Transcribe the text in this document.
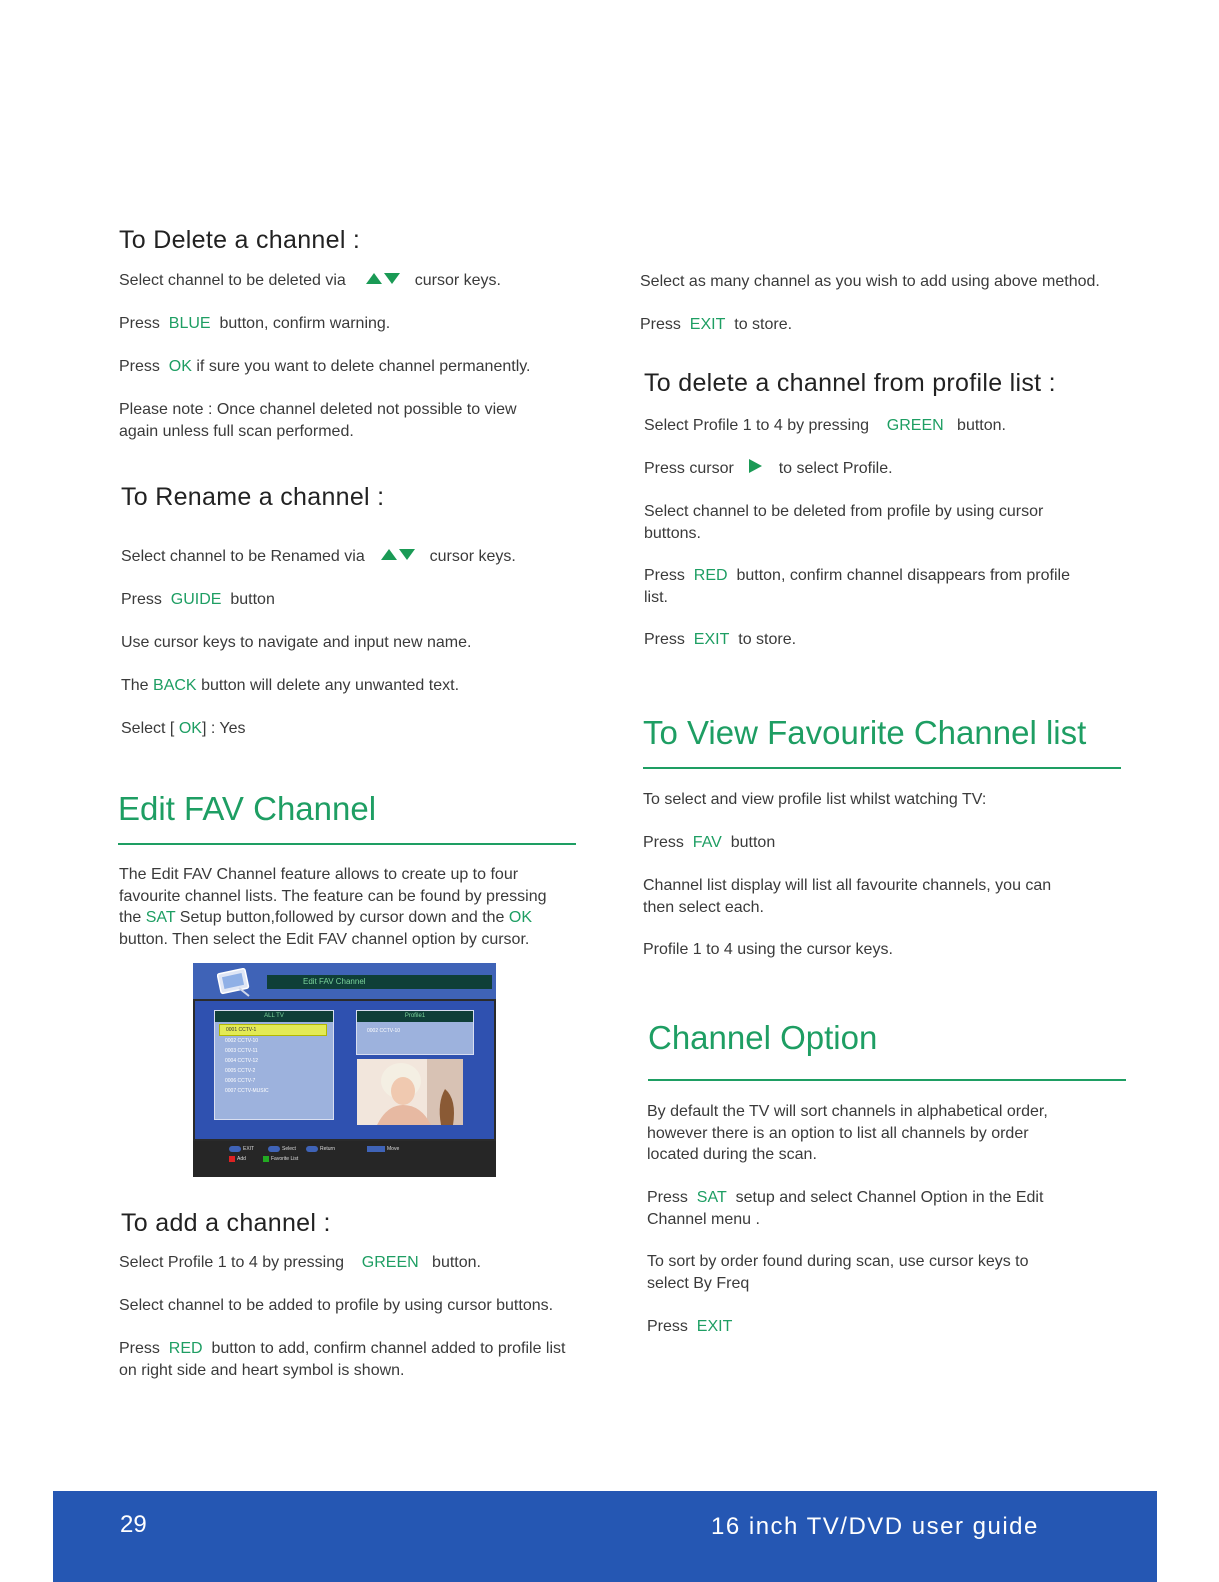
To Delete a channel :
Select channel to be deleted via	cursor keys.
Press BLUE button, confirm warning.
Press OK if sure you want to delete channel permanently.
Please note : Once channel deleted not possible to view
again unless full scan performed.
To Rename a channel :
Select channel to be Renamed via	cursor keys.
Press GUIDE button
Use cursor keys to navigate and input new name.
The BACK button will delete any unwanted text.
Select [ OK] : Yes
Edit FAV Channel
The Edit FAV Channel feature allows to create up to four
favourite channel lists. The feature can be found by pressing
the SAT Setup button,followed by cursor down and the OK
button. Then select the Edit FAV channel option by cursor.
Edit FAV Channel
ALL TV
0001 CCTV-1
0002 CCTV-10
0003 CCTV-11
0004 CCTV-12
0005 CCTV-2
0006 CCTV-7
0007 CCTV-MUSIC
Profile1
0002 CCTV-10
EXIT	Select	Return	Move
Add	Favorite List
To add a channel :
Select Profile 1 to 4 by pressing GREEN button.
Select channel to be added to profile by using cursor buttons.
Press RED button to add, confirm channel added to profile list
on right side and heart symbol is shown.
Select as many channel as you wish to add using above method.
Press EXIT to store.
To delete a channel from profile list :
Select Profile 1 to 4 by pressing GREEN button.
Press cursor	to select Profile.
Select channel to be deleted from profile by using cursor
buttons.
Press RED button, confirm channel disappears from profile
list.
Press EXIT to store.
To View Favourite Channel list
To select and view profile list whilst watching TV:
Press FAV button
Channel list display will list all favourite channels, you can
then select each.
Profile 1 to 4 using the cursor keys.
Channel Option
By default the TV will sort channels in alphabetical order,
however there is an option to list all channels by order
located during the scan.
Press SAT setup and select Channel Option in the Edit
Channel menu .
To sort by order found during scan, use cursor keys to
select By Freq
Press EXIT
29	16 inch TV/DVD user guide
